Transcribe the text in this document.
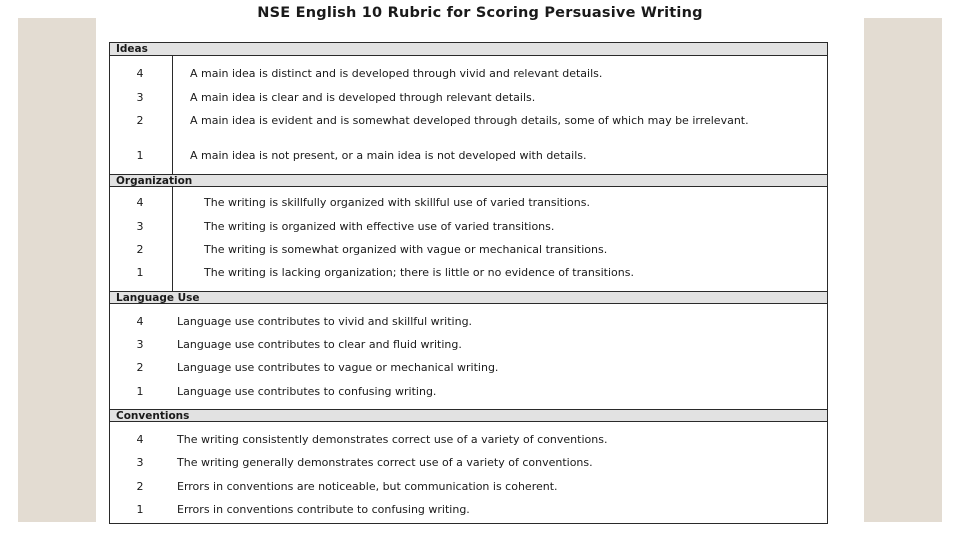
NSE English 10 Rubric for Scoring Persuasive Writing
Ideas
4	A main idea is distinct and is developed through vivid and relevant details.
3	A main idea is clear and is developed through relevant details.
2	A main idea is evident and is somewhat developed through details, some of which may be irrelevant.
1	A main idea is not present, or a main idea is not developed with details.
Organization
4	The writing is skillfully organized with skillful use of varied transitions.
3	The writing is organized with effective use of varied transitions.
2	The writing is somewhat organized with vague or mechanical transitions.
1	The writing is lacking organization; there is little or no evidence of transitions.
Language Use
4	Language use contributes to vivid and skillful writing.
3	Language use contributes to clear and fluid writing.
2	Language use contributes to vague or mechanical writing.
1	Language use contributes to confusing writing.
Conventions
4	The writing consistently demonstrates correct use of a variety of conventions.
3	The writing generally demonstrates correct use of a variety of conventions.
2	Errors in conventions are noticeable, but communication is coherent.
1	Errors in conventions contribute to confusing writing.
